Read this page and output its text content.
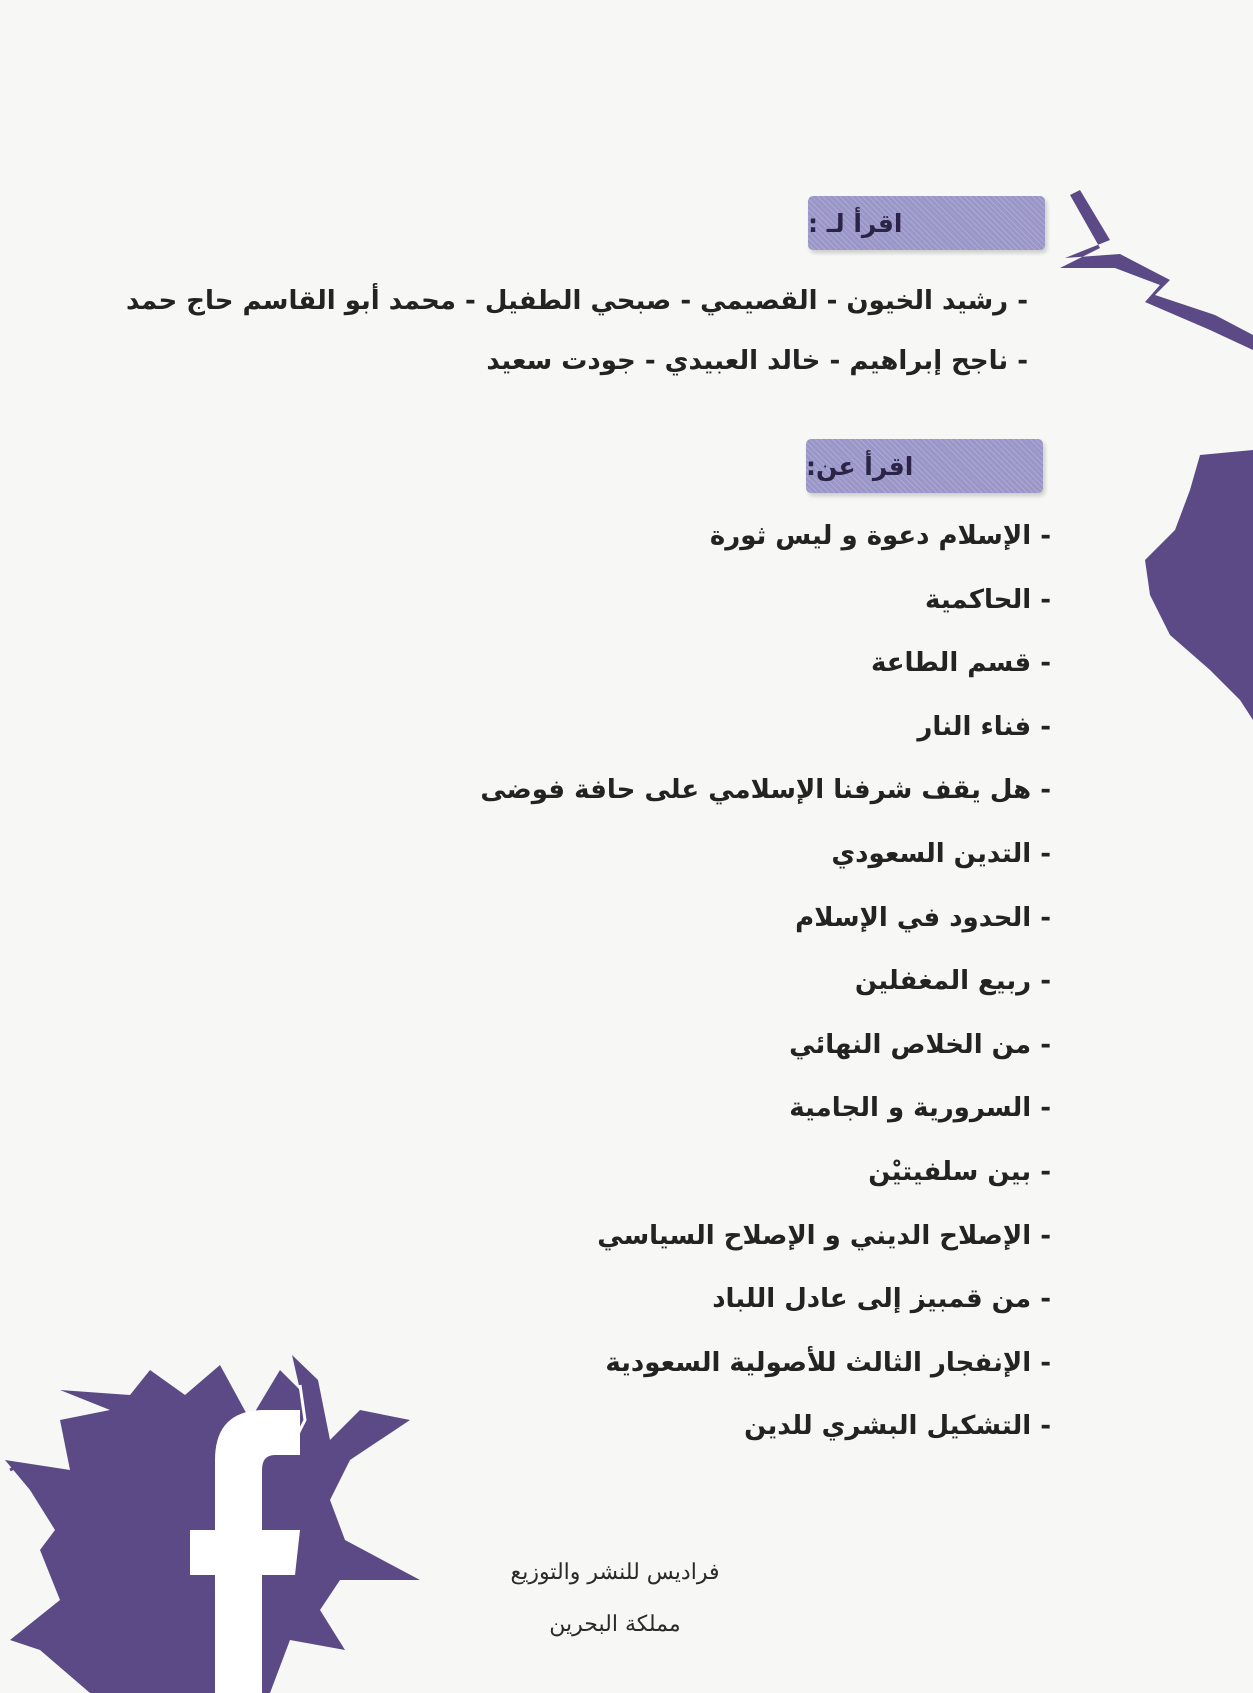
اقرأ لـ :
- رشيد الخيون - القصيمي - صبحي الطفيل - محمد أبو القاسم حاج حمد
- ناجح إبراهيم - خالد العبيدي - جودت سعيد
اقرأ عن:
- الإسلام دعوة و ليس ثورة
- الحاكمية
- قسم الطاعة
- فناء النار
- هل يقف شرفنا الإسلامي على حافة فوضى
- التدين السعودي
- الحدود في الإسلام
- ربيع المغفلين
- من الخلاص النهائي
- السرورية و الجامية
- بين سلفيتيْن
- الإصلاح الديني و الإصلاح السياسي
- من قمبيز إلى عادل اللباد
- الإنفجار الثالث للأصولية السعودية
- التشكيل البشري للدين
فراديس للنشر والتوزيع
مملكة البحرين
